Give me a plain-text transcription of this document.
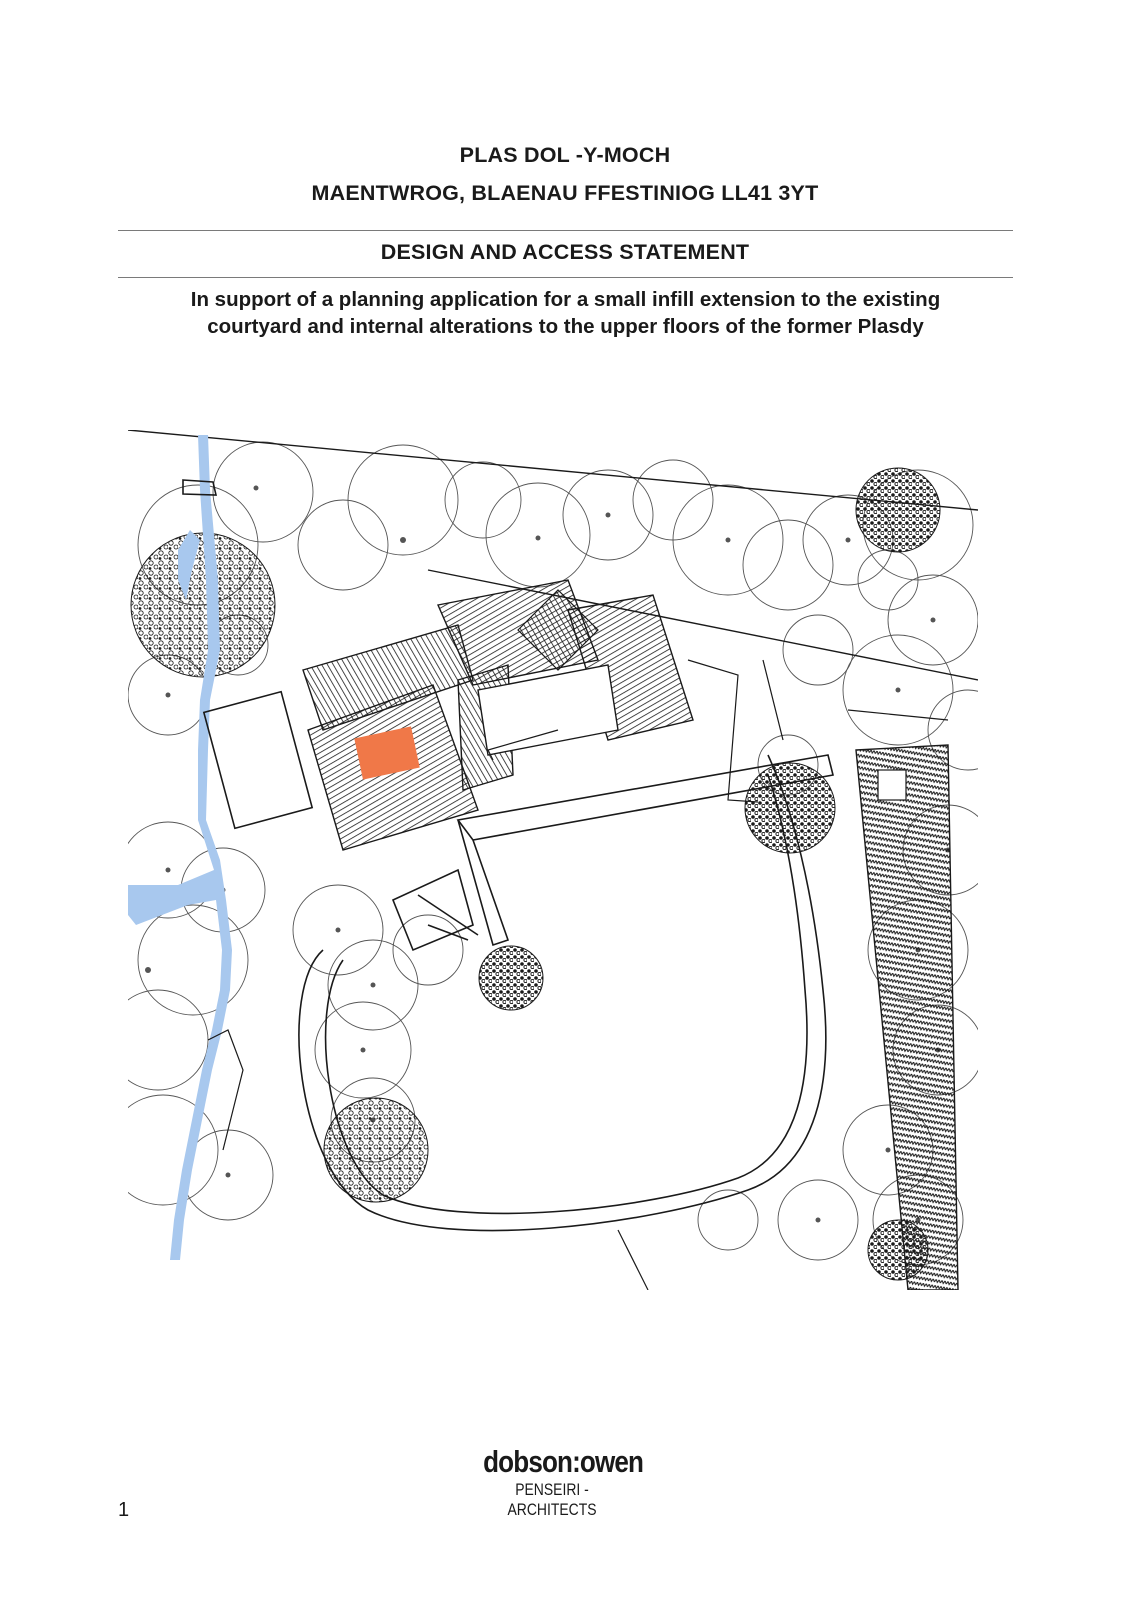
PLAS DOL -Y-MOCH
MAENTWROG, BLAENAU FFESTINIOG LL41 3YT
DESIGN AND ACCESS STATEMENT
In support of a planning application for a small infill extension to the existing
courtyard and internal alterations to the upper floors of the former Plasdy
dobson:owen
PENSEIRI - ARCHITECTS
1
